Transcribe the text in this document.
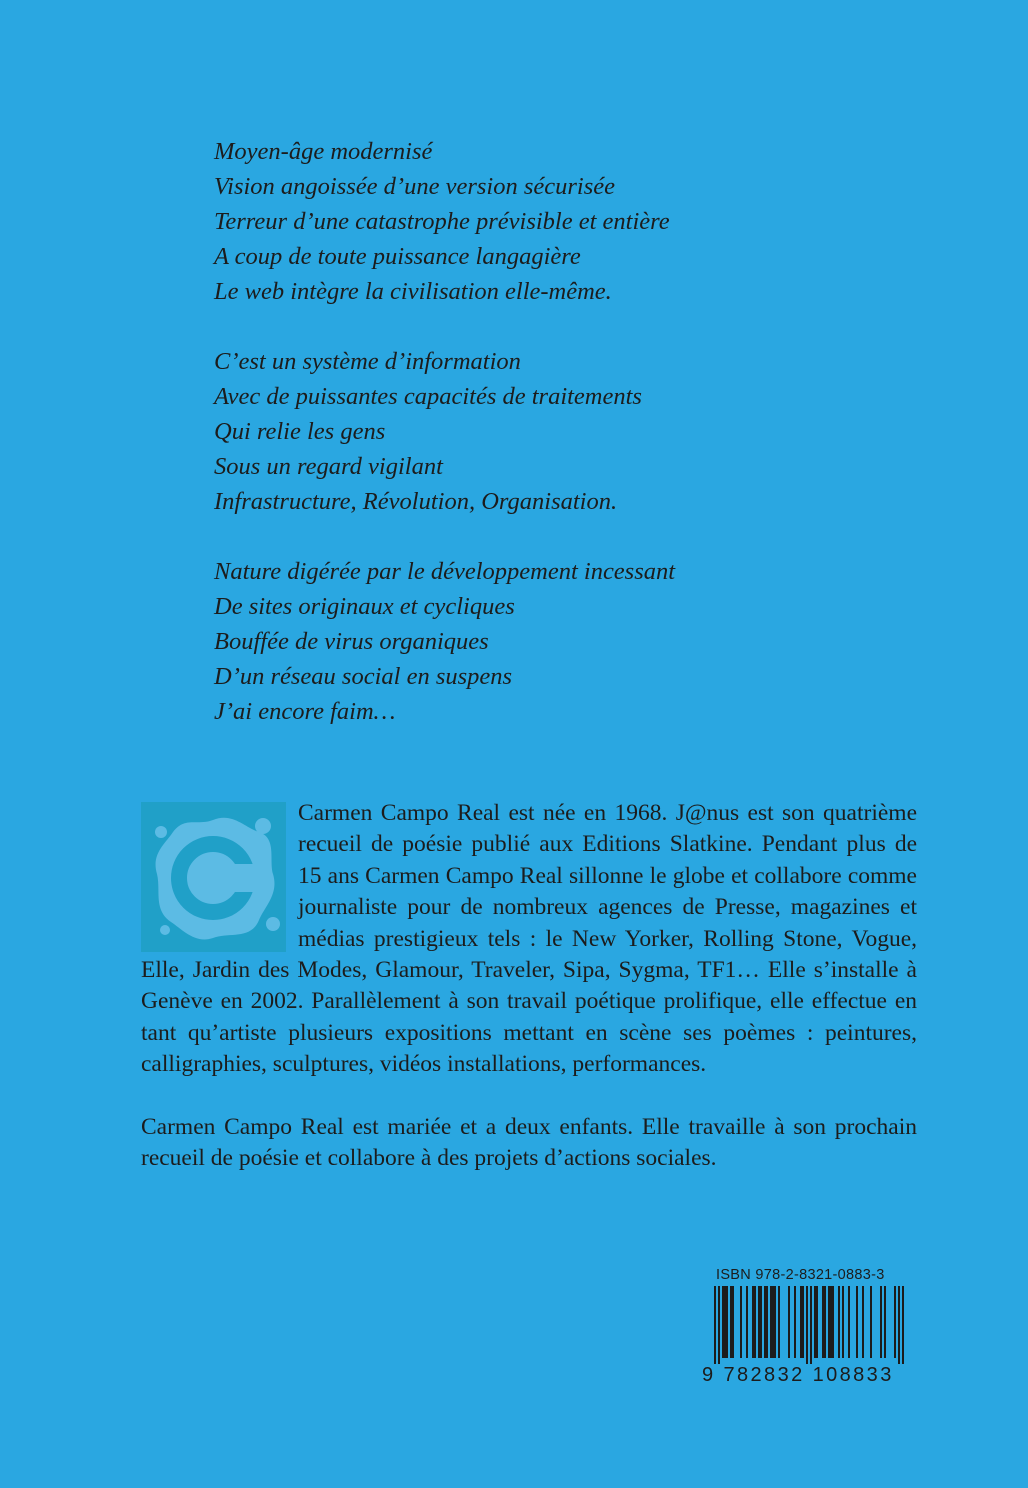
Moyen-âge modernisé
Vision angoissée d’une version sécurisée
Terreur d’une catastrophe prévisible et entière
A coup de toute puissance langagière
Le web intègre la civilisation elle-même.
C’est un système d’information
Avec de puissantes capacités de traitements
Qui relie les gens
Sous un regard vigilant
Infrastructure, Révolution, Organisation.
Nature digérée par le développement incessant
De sites originaux et cycliques
Bouffée de virus organiques
D’un réseau social en suspens
J’ai encore faim…

Carmen Campo Real est née en 1968. J@nus est son quatrième recueil de poésie publié aux Editions Slatkine. Pendant plus de 15 ans Carmen Campo Real sillonne le globe et collabore comme journaliste pour de nombreux agences de Presse, magazines et médias prestigieux tels : le New Yorker, Rolling Stone, Vogue, Elle, Jardin des Modes, Glamour, Traveler, Sipa, Sygma, TF1… Elle s’installe à Genève en 2002. Parallèlement à son travail poétique prolifique, elle effectue en tant qu’artiste plusieurs expositions mettant en scène ses poèmes : peintures, calligraphies, sculptures, vidéos installations, performances.

Carmen Campo Real est mariée et a deux enfants. Elle travaille à son prochain recueil de poésie et collabore à des projets d’actions sociales.

ISBN 978-2-8321-0883-3
9 782832 108833
